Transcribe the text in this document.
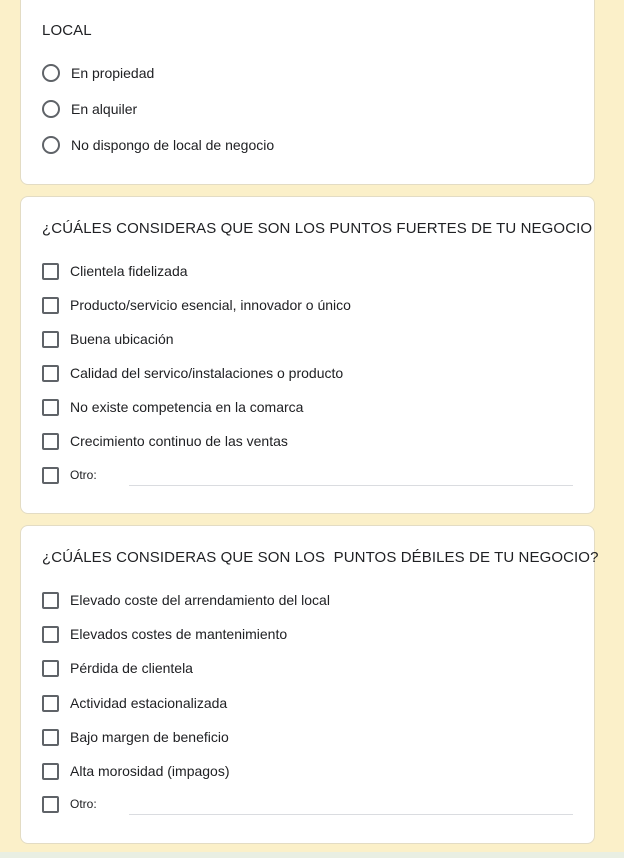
LOCAL
En propiedad
En alquiler
No dispongo de local de negocio
¿CÚÁLES CONSIDERAS QUE SON LOS PUNTOS FUERTES DE TU NEGOCIO
Clientela fidelizada
Producto/servicio esencial, innovador o único
Buena ubicación
Calidad del servico/instalaciones o producto
No existe competencia en la comarca
Crecimiento continuo de las ventas
Otro:
¿CÚÁLES CONSIDERAS QUE SON LOS  PUNTOS DÉBILES DE TU NEGOCIO?
Elevado coste del arrendamiento del local
Elevados costes de mantenimiento
Pérdida de clientela
Actividad estacionalizada
Bajo margen de beneficio
Alta morosidad (impagos)
Otro:
